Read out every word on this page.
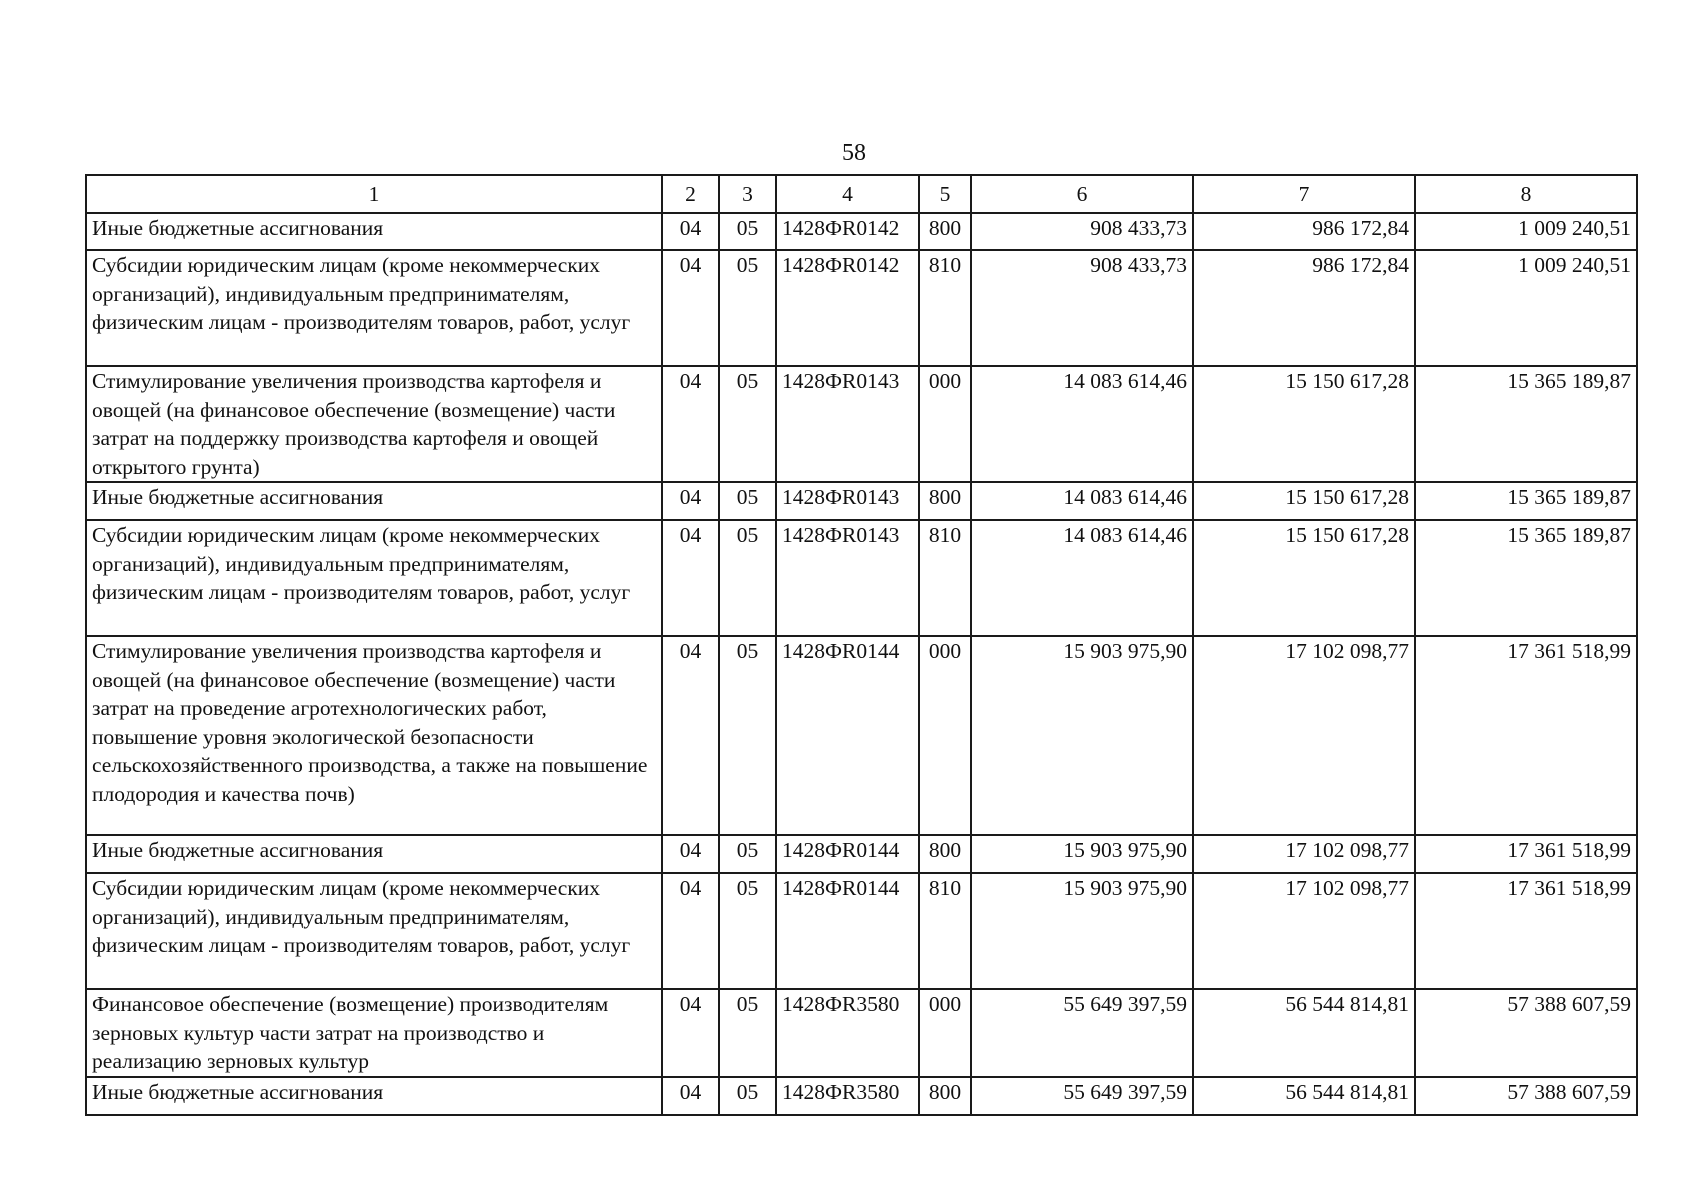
58
1	2	3	4	5	6	7	8
Иные бюджетные ассигнования	04	05	1428ФR0142	800	908 433,73	986 172,84	1 009 240,51
Субсидии юридическим лицам (кроме некоммерческих организаций), индивидуальным предпринимателям, физическим лицам - производителям товаров, работ, услуг	04	05	1428ФR0142	810	908 433,73	986 172,84	1 009 240,51
Стимулирование увеличения производства картофеля и овощей (на финансовое обеспечение (возмещение) части затрат на поддержку производства картофеля и овощей открытого грунта)	04	05	1428ФR0143	000	14 083 614,46	15 150 617,28	15 365 189,87
Иные бюджетные ассигнования	04	05	1428ФR0143	800	14 083 614,46	15 150 617,28	15 365 189,87
Субсидии юридическим лицам (кроме некоммерческих организаций), индивидуальным предпринимателям, физическим лицам - производителям товаров, работ, услуг	04	05	1428ФR0143	810	14 083 614,46	15 150 617,28	15 365 189,87
Стимулирование увеличения производства картофеля и овощей (на финансовое обеспечение (возмещение) части затрат на проведение агротехнологических работ, повышение уровня экологической безопасности сельскохозяйственного производства, а также на повышение плодородия и качества почв)	04	05	1428ФR0144	000	15 903 975,90	17 102 098,77	17 361 518,99
Иные бюджетные ассигнования	04	05	1428ФR0144	800	15 903 975,90	17 102 098,77	17 361 518,99
Субсидии юридическим лицам (кроме некоммерческих организаций), индивидуальным предпринимателям, физическим лицам - производителям товаров, работ, услуг	04	05	1428ФR0144	810	15 903 975,90	17 102 098,77	17 361 518,99
Финансовое обеспечение (возмещение) производителям зерновых культур части затрат на производство и реализацию зерновых культур	04	05	1428ФR3580	000	55 649 397,59	56 544 814,81	57 388 607,59
Иные бюджетные ассигнования	04	05	1428ФR3580	800	55 649 397,59	56 544 814,81	57 388 607,59
